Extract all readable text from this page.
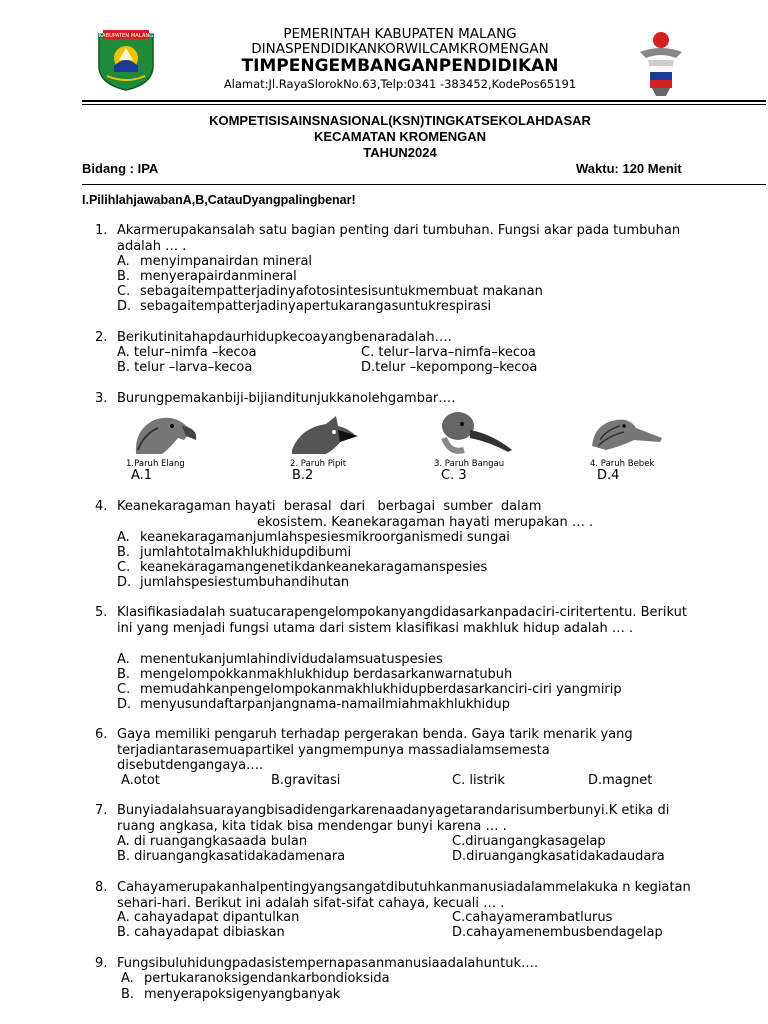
KABUPATEN MALANG	PEMERINTAH KABUPATEN MALANG
DINASPENDIDIKANKORWILCAMKROMENGAN
TIMPENGEMBANGANPENDIDIKAN
Alamat:Jl.RayaSlorokNo.63,Telp:0341 -383452,KodePos65191
KOMPETISISAINSNASIONAL(KSN)TINGKATSEKOLAHDASAR
KECAMATAN KROMENGAN
TAHUN2024
Bidang : IPA	Waktu: 120 Menit
I.PilihlahjawabanA,B,CatauDyangpalingbenar!
1. Akarmerupakansalah satu bagian penting dari tumbuhan. Fungsi akar pada tumbuhan adalah … .
A. menyimpanairdan mineral
B. menyerapairdanmineral
C. sebagaitempatterjadinyafotosintesisuntukmembuat makanan
D. sebagaitempatterjadinyapertukarangasuntukrespirasi
2. Berikutinitahapdaurhidupkecoayangbenaradalah….
A. telur–nimfa –kecoa	C. telur–larva–nimfa–kecoa
B. telur –larva–kecoa	D.telur –kepompong–kecoa
3. Burungpemakanbiji-bijianditunjukkanolehgambar….
1.Paruh Elang	2. Paruh Pipit	3. Paruh Bangau	4. Paruh Bebek
A.1	B.2	C. 3	D.4
4. Keanekaragaman hayati  berasal  dari   berbagai  sumber  dalam
ekosistem. Keanekaragaman hayati merupakan … .
A. keanekaragamanjumlahspesiesmikroorganismedi sungai
B. jumlahtotalmakhlukhidupdibumi
C. keanekaragamangenetikdankeanekaragamanspesies
D. jumlahspesiestumbuhandihutan
5. Klasifikasiadalah suatucarapengelompokanyangdidasarkanpadaciri-ciritertentu. Berikut ini yang menjadi fungsi utama dari sistem klasifikasi makhluk hidup adalah … .
A. menentukanjumlahindividudalamsuatuspesies
B. mengelompokkanmakhlukhidup berdasarkanwarnatubuh
C. memudahkanpengelompokanmakhlukhidupberdasarkanciri-ciri yangmirip
D. menyusundaftarpanjangnama-namailmiahmakhlukhidup
6. Gaya memiliki pengaruh terhadap pergerakan benda. Gaya tarik menarik yang terjadiantarasemuapartikel yangmempunya massadialamsemesta disebutdengangaya….
A.otot	B.gravitasi	C. listrik	D.magnet
7. Bunyiadalahsuarayangbisadidengarkarenaadanyagetarandarisumberbunyi.K etika di ruang angkasa, kita tidak bisa mendengar bunyi karena … .
A. di ruangangkasaada bulan	C.diruangangkasagelap
B. diruangangkasatidakadamenara	D.diruangangkasatidakadaudara
8. Cahayamerupakanhalpentingyangsangatdibutuhkanmanusiadalammelakuka n kegiatan sehari-hari. Berikut ini adalah sifat-sifat cahaya, kecuali … .
A. cahayadapat dipantulkan	C.cahayamerambatlurus
B. cahayadapat dibiaskan	D.cahayamenembusbendagelap
9. Fungsibuluhidungpadasistempernapasanmanusiaadalahuntuk….
A. pertukaranoksigendankarbondioksida
B. menyerapoksigenyangbanyak
